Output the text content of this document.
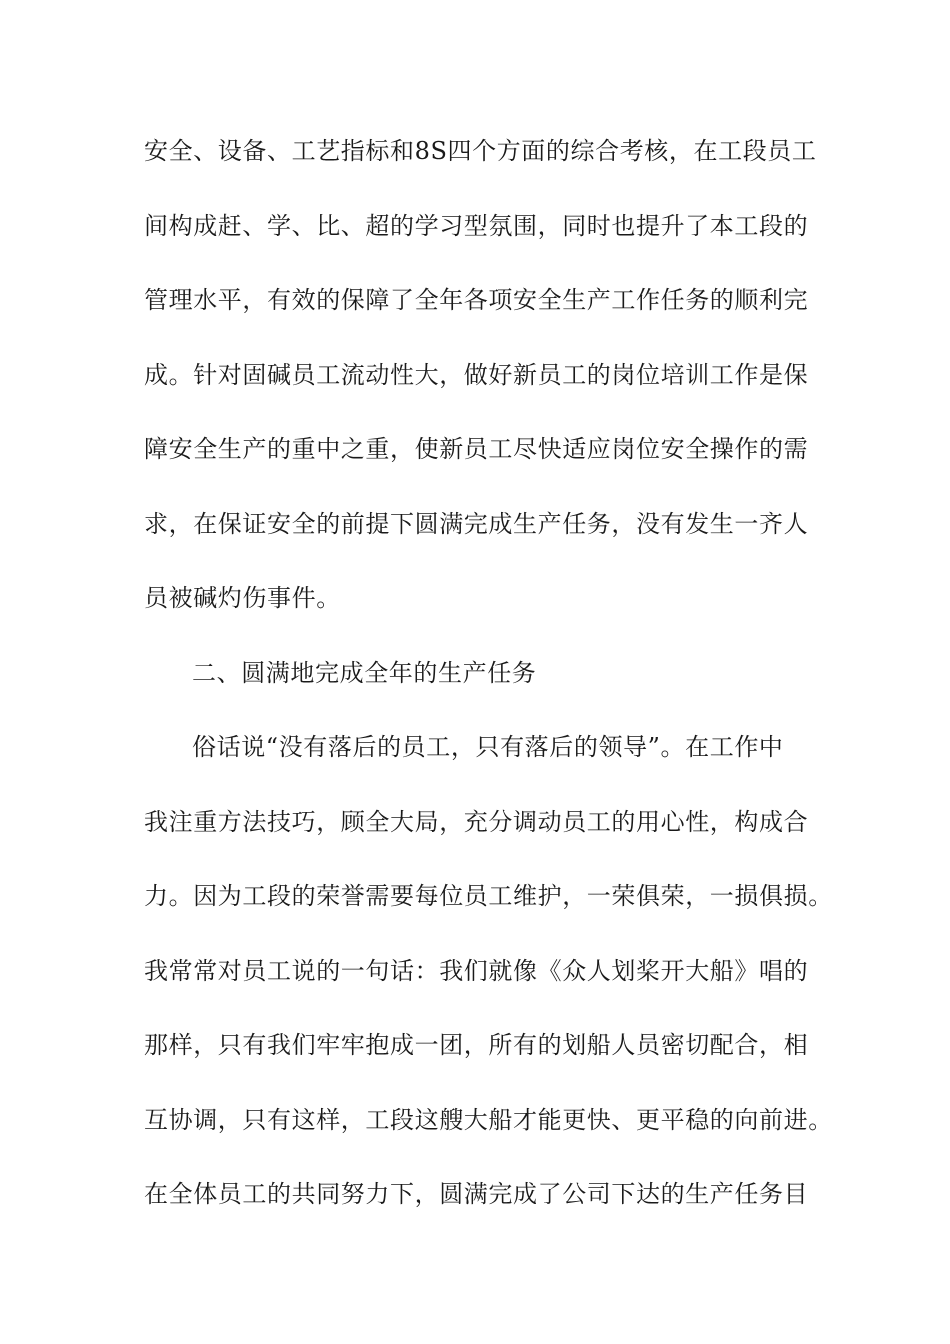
安全、设备、工艺指标和8S四个方面的综合考核，在工段员工
间构成赶、学、比、超的学习型氛围，同时也提升了本工段的
管理水平，有效的保障了全年各项安全生产工作任务的顺利完
成。针对固碱员工流动性大，做好新员工的岗位培训工作是保
障安全生产的重中之重，使新员工尽快适应岗位安全操作的需
求，在保证安全的前提下圆满完成生产任务，没有发生一齐人
员被碱灼伤事件。
二、圆满地完成全年的生产任务
俗话说“没有落后的员工，只有落后的领导”。在工作中
我注重方法技巧，顾全大局，充分调动员工的用心性，构成合
力。因为工段的荣誉需要每位员工维护，一荣俱荣，一损俱损。
我常常对员工说的一句话：我们就像《众人划桨开大船》唱的
那样，只有我们牢牢抱成一团，所有的划船人员密切配合，相
互协调，只有这样，工段这艘大船才能更快、更平稳的向前进。
在全体员工的共同努力下，圆满完成了公司下达的生产任务目
